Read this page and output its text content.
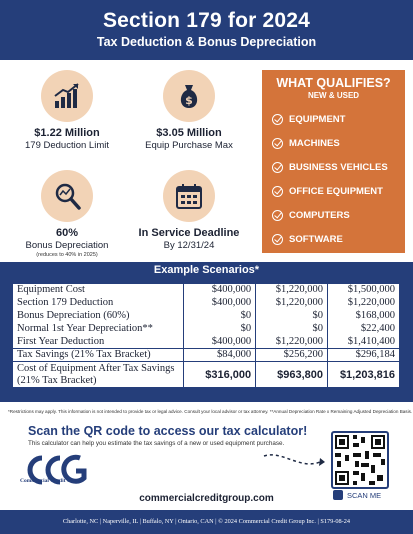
Section 179 for 2024
Tax Deduction & Bonus Depreciation
$1.22 Million
179 Deduction Limit
$
$3.05 Million
Equip Purchase Max
60%
Bonus Depreciation
(reduces to 40% in 2025)
In Service Deadline
By 12/31/24
WHAT QUALIFIES?
NEW & USED
EQUIPMENT
MACHINES
BUSINESS VEHICLES
OFFICE EQUIPMENT
COMPUTERS
SOFTWARE
Example Scenarios*
Equipment Cost	$400,000	$1,220,000	$1,500,000
Section 179 Deduction	$400,000	$1,220,000	$1,220,000
Bonus Depreciation (60%)	$0	$0	$168,000
Normal 1st Year Depreciation**	$0	$0	$22,400
First Year Deduction	$400,000	$1,220,000	$1,410,400
Tax Savings (21% Tax Bracket)	$84,000	$256,200	$296,184
Cost of Equipment After Tax Savings (21% Tax Bracket)	$316,000	$963,800	$1,203,816
*Restrictions may apply. This information is not intended to provide tax or legal advice. Consult your local advisor or tax attorney. **Annual Depreciation Rate x Remaining Adjusted Depreciation Basis.
Scan the QR code to access our tax calculator!
This calculator can help you estimate the tax savings of a new or used equipment purchase.
Commercial Credit Group
SCAN ME
commercialcreditgroup.com
Charlotte, NC | Naperville, IL | Buffalo, NY | Ontario, CAN | © 2024 Commercial Credit Group Inc. | S179-08-24
